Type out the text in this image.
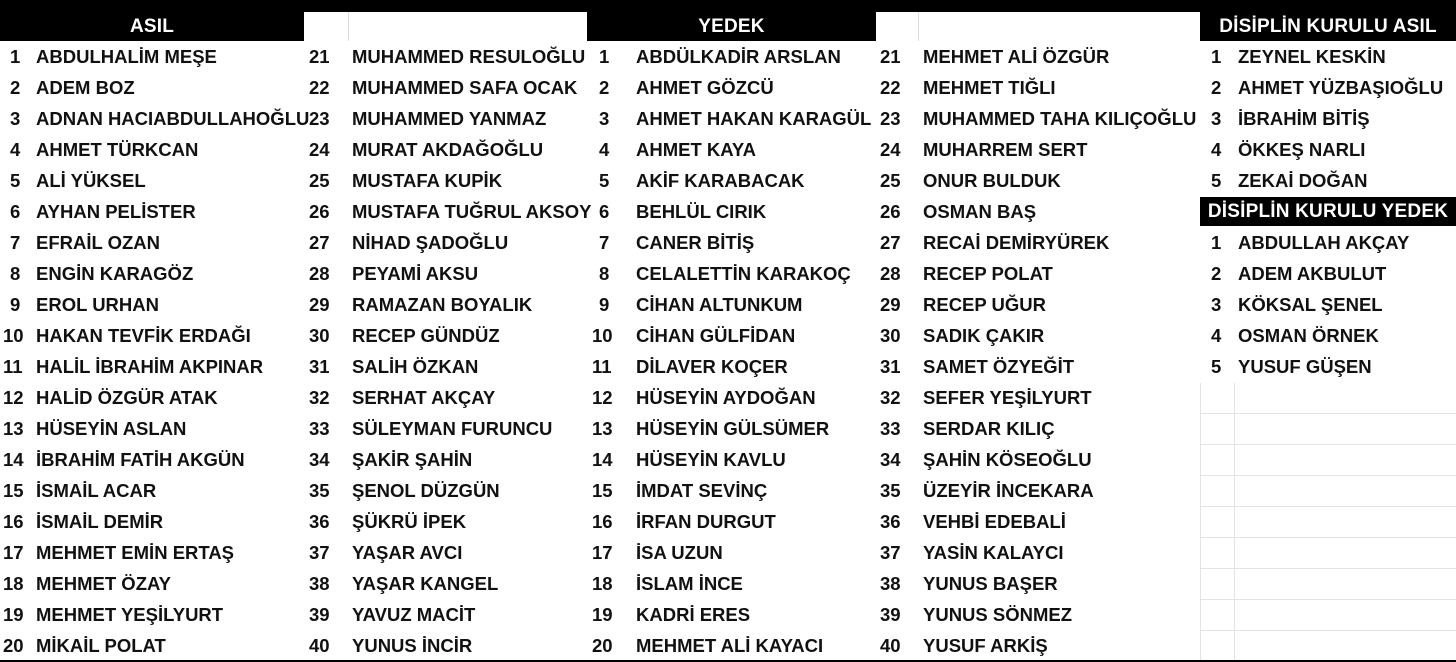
ASIL	YEDEK	DİSİPLİN KURULU ASIL
DİSİPLİN KURULU YEDEK
1 ABDULHALİM MEŞE
2 ADEM BOZ
3 ADNAN HACIABDULLAHOĞLU
4 AHMET TÜRKCAN
5 ALİ YÜKSEL
6 AYHAN PELİSTER
7 EFRAİL OZAN
8 ENGİN KARAGÖZ
9 EROL URHAN
10 HAKAN TEVFİK ERDAĞI
11 HALİL İBRAHİM AKPINAR
12 HALİD ÖZGÜR ATAK
13 HÜSEYİN ASLAN
14 İBRAHİM FATİH AKGÜN
15 İSMAİL ACAR
16 İSMAİL DEMİR
17 MEHMET EMİN ERTAŞ
18 MEHMET ÖZAY
19 MEHMET YEŞİLYURT
20 MİKAİL POLAT
21	MUHAMMED RESULOĞLU
22	MUHAMMED SAFA OCAK
23	MUHAMMED YANMAZ
24	MURAT AKDAĞOĞLU
25	MUSTAFA KUPİK
26	MUSTAFA TUĞRUL AKSOY
27	NİHAD ŞADOĞLU
28	PEYAMİ AKSU
29	RAMAZAN BOYALIK
30	RECEP GÜNDÜZ
31	SALİH ÖZKAN
32	SERHAT AKÇAY
33	SÜLEYMAN FURUNCU
34	ŞAKİR ŞAHİN
35	ŞENOL DÜZGÜN
36	ŞÜKRÜ İPEK
37	YAŞAR AVCI
38	YAŞAR KANGEL
39	YAVUZ MACİT
40	YUNUS İNCİR
1	ABDÜLKADİR ARSLAN
2	AHMET GÖZCÜ
3	AHMET HAKAN KARAGÜL
4	AHMET KAYA
5	AKİF KARABACAK
6	BEHLÜL CIRIK
7	CANER BİTİŞ
8	CELALETTİN KARAKOÇ
9	CİHAN ALTUNKUM
10	CİHAN GÜLFİDAN
11	DİLAVER KOÇER
12	HÜSEYİN AYDOĞAN
13	HÜSEYİN GÜLSÜMER
14	HÜSEYİN KAVLU
15	İMDAT SEVİNÇ
16	İRFAN DURGUT
17	İSA UZUN
18	İSLAM İNCE
19	KADRİ ERES
20	MEHMET ALİ KAYACI
21	MEHMET ALİ ÖZGÜR
22	MEHMET TIĞLI
23	MUHAMMED TAHA KILIÇOĞLU
24	MUHARREM SERT
25	ONUR BULDUK
26	OSMAN BAŞ
27	RECAİ DEMİRYÜREK
28	RECEP POLAT
29	RECEP UĞUR
30	SADIK ÇAKIR
31	SAMET ÖZYEĞİT
32	SEFER YEŞİLYURT
33	SERDAR KILIÇ
34	ŞAHİN KÖSEOĞLU
35	ÜZEYİR İNCEKARA
36	VEHBİ EDEBALİ
37	YASİN KALAYCI
38	YUNUS BAŞER
39	YUNUS SÖNMEZ
40	YUSUF ARKİŞ
1 ZEYNEL KESKİN
2 AHMET YÜZBAŞIOĞLU
3 İBRAHİM BİTİŞ
4 ÖKKEŞ NARLI
5 ZEKAİ DOĞAN
1 ABDULLAH AKÇAY
2 ADEM AKBULUT
3 KÖKSAL ŞENEL
4 OSMAN ÖRNEK
5 YUSUF GÜŞEN
